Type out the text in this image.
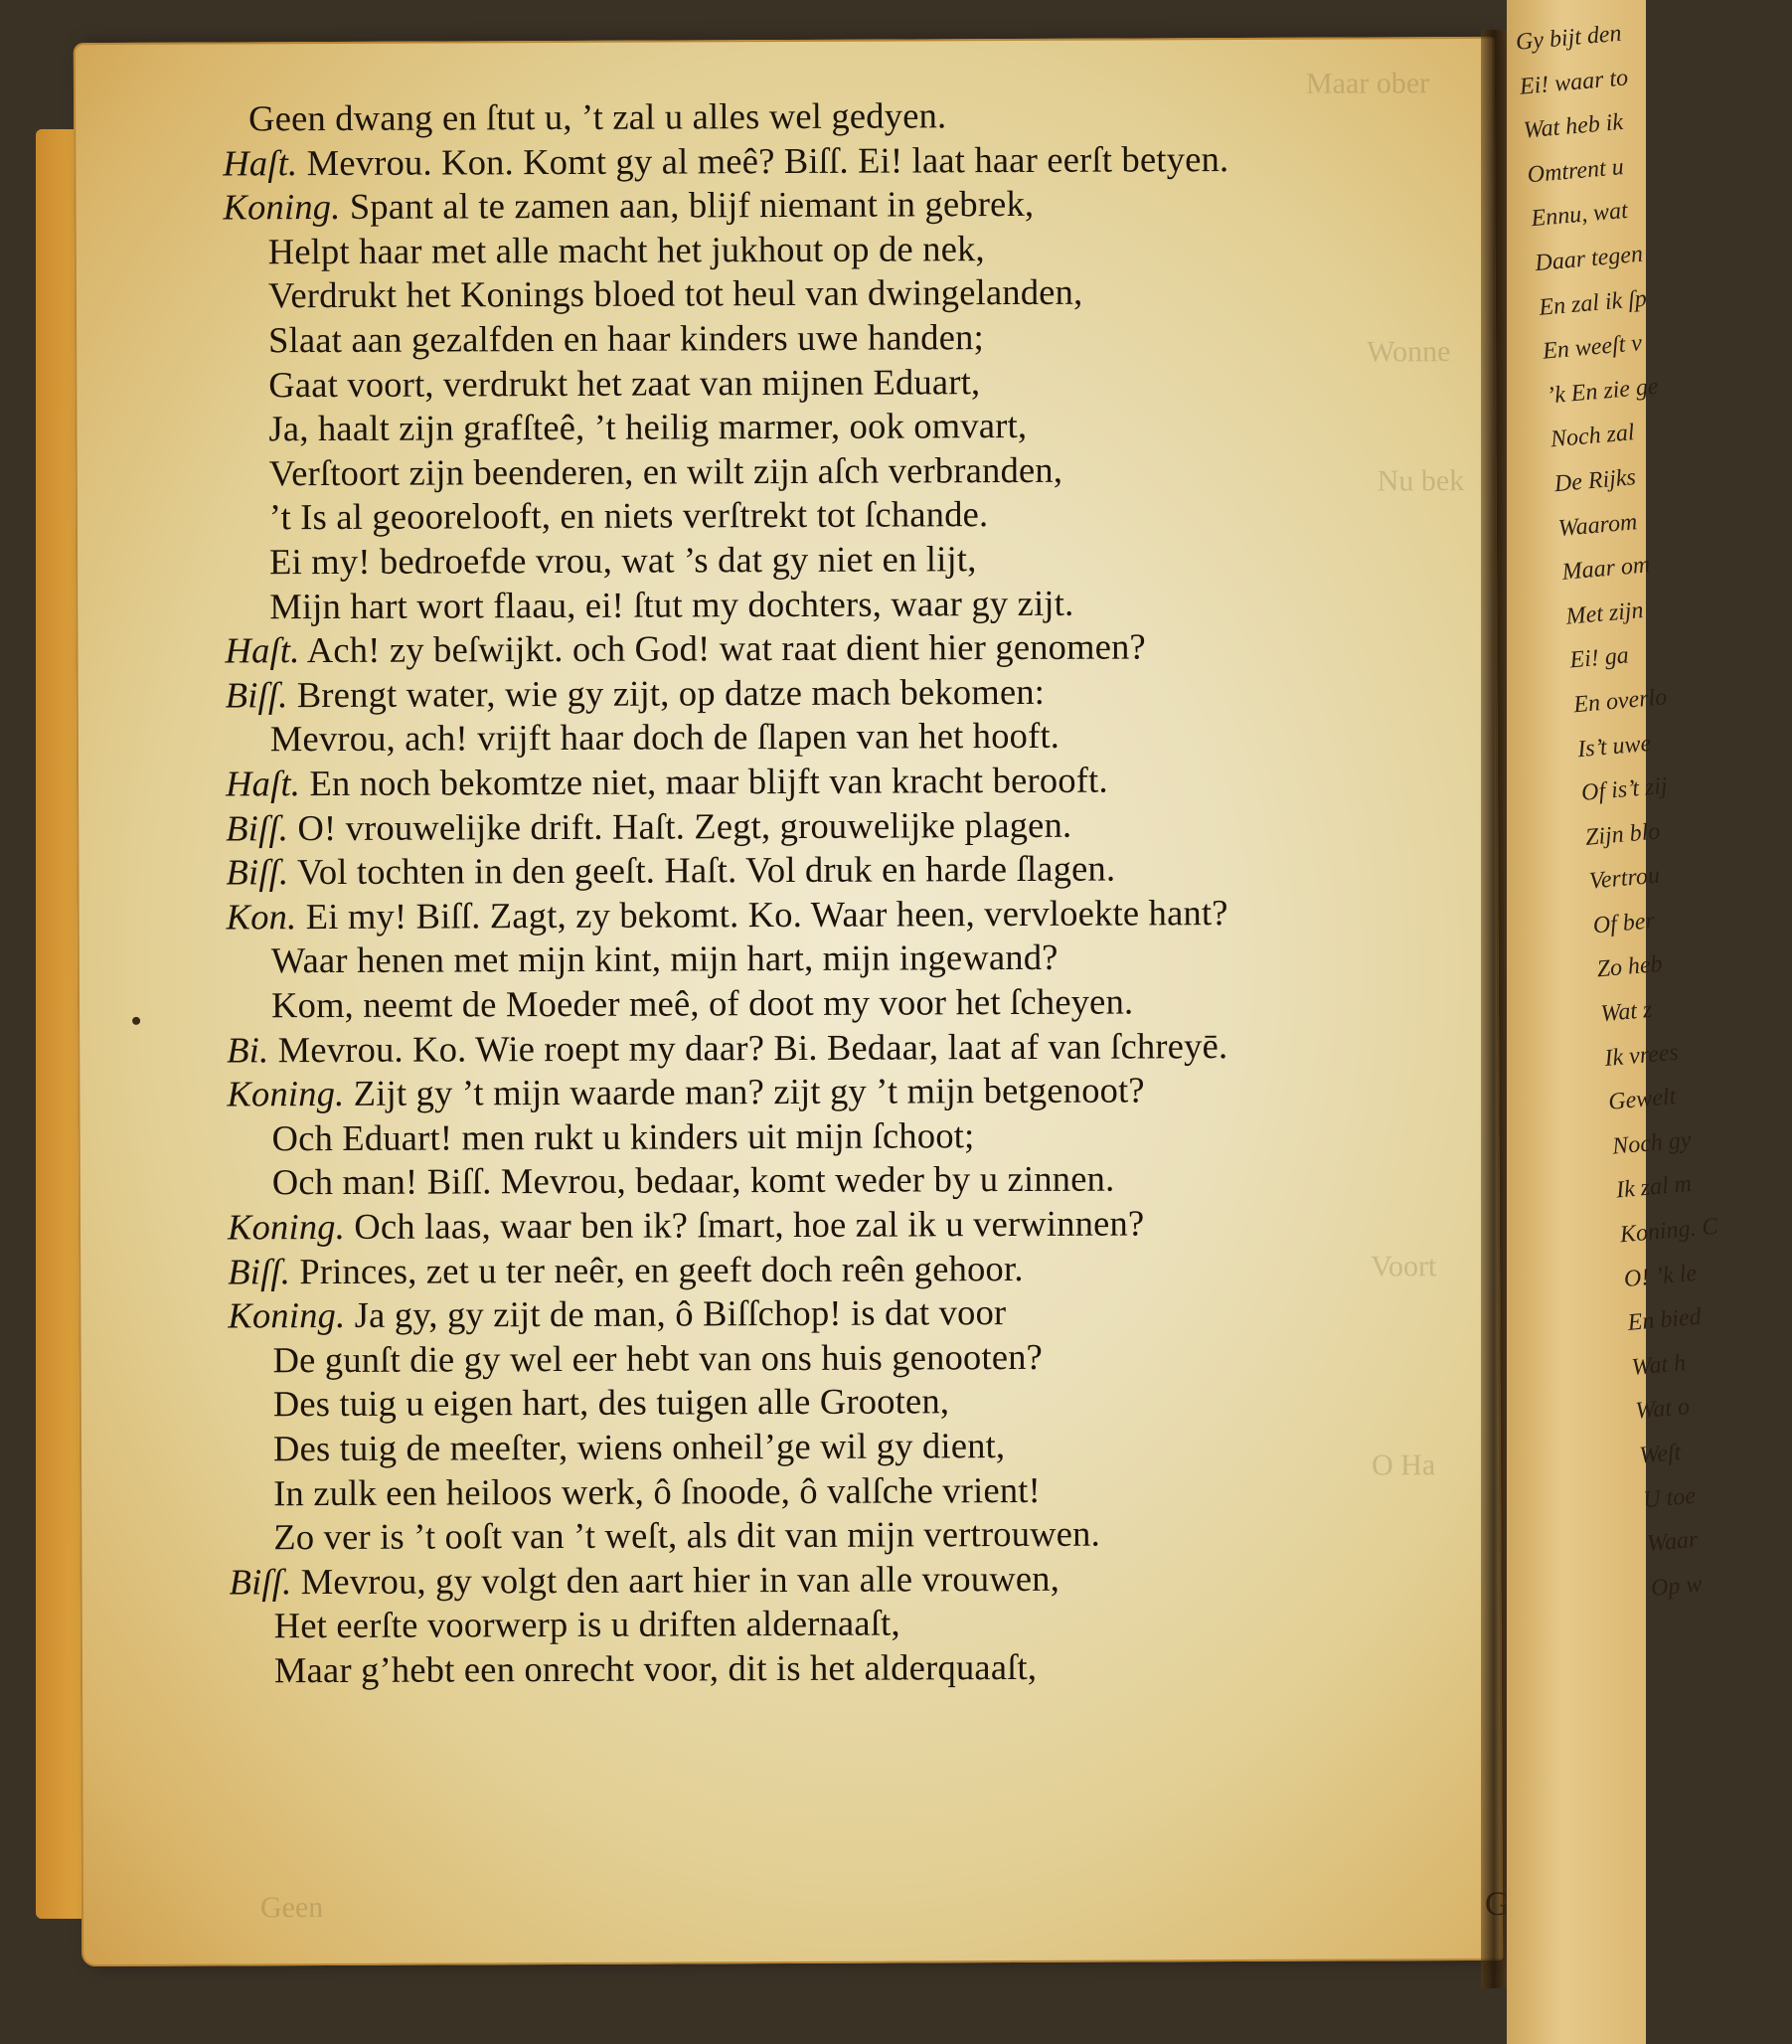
Maar ober
Wonne
Nu bek
Voort
O Ha
Geen
Geen dwang en ſtut u, ’t zal u alles wel gedyen.
Haſt. Mevrou. Kon. Komt gy al meê? Biſſ. Ei! laat haar eerſt betyen.
Koning. Spant al te zamen aan, blijf niemant in gebrek,
Helpt haar met alle macht het jukhout op de nek,
Verdrukt het Konings bloed tot heul van dwingelanden,
Slaat aan gezalfden en haar kinders uwe handen;
Gaat voort, verdrukt het zaat van mijnen Eduart,
Ja, haalt zijn grafſteê, ’t heilig marmer, ook omvart,
Verſtoort zijn beenderen, en wilt zijn aſch verbranden,
’t Is al geoorelooft, en niets verſtrekt tot ſchande.
Ei my! bedroefde vrou, wat ’s dat gy niet en lijt,
Mijn hart wort flaau, ei! ſtut my dochters, waar gy zijt.
Haſt. Ach! zy beſwijkt. och God! wat raat dient hier genomen?
Biſſ. Brengt water, wie gy zijt, op datze mach bekomen:
Mevrou, ach! vrijft haar doch de ſlapen van het hooft.
Haſt. En noch bekomtze niet, maar blijft van kracht berooft.
Biſſ. O! vrouwelijke drift. Haſt. Zegt, grouwelijke plagen.
Biſſ. Vol tochten in den geeſt. Haſt. Vol druk en harde ſlagen.
Kon. Ei my! Biſſ. Zagt, zy bekomt. Ko. Waar heen, vervloekte hant?
Waar henen met mijn kint, mijn hart, mijn ingewand?
Kom, neemt de Moeder meê, of doot my voor het ſcheyen.
Bi. Mevrou. Ko. Wie roept my daar? Bi. Bedaar, laat af van ſchreyē.
Koning. Zijt gy ’t mijn waarde man? zijt gy ’t mijn betgenoot?
Och Eduart! men rukt u kinders uit mijn ſchoot;
Och man! Biſſ. Mevrou, bedaar, komt weder by u zinnen.
Koning. Och laas, waar ben ik? ſmart, hoe zal ik u verwinnen?
Biſſ. Princes, zet u ter neêr, en geeft doch reên gehoor.
Koning. Ja gy, gy zijt de man, ô Biſſchop! is dat voor
De gunſt die gy wel eer hebt van ons huis genooten?
Des tuig u eigen hart, des tuigen alle Grooten,
Des tuig de meeſter, wiens onheil’ge wil gy dient,
In zulk een heiloos werk, ô ſnoode, ô valſche vrient!
Zo ver is ’t ooſt van ’t weſt, als dit van mijn vertrouwen.
Biſſ. Mevrou, gy volgt den aart hier in van alle vrouwen,
Het eerſte voorwerp is u driften aldernaaſt,
Maar g’hebt een onrecht voor, dit is het alderquaaſt,
Gy bijt den
Ei! waar to
Wat heb ik
Omtrent u
Ennu, wat
Daar tegen
En zal ik ſp
En weeſt v
’k En zie ge
Noch zal
De Rijks
Waarom
Maar om
Met zijn
Ei! ga
En overlo
Is’t uwe
Of is’t zij
Zijn blo
Vertrou
Of ber
Zo heb
Wat z
Ik vrees
Gewelt
Noch gy
Ik zal m
Koning. C
O! ’k le
En bied
Wat h
Wat o
Weſt
U toe
Waar
Op w
